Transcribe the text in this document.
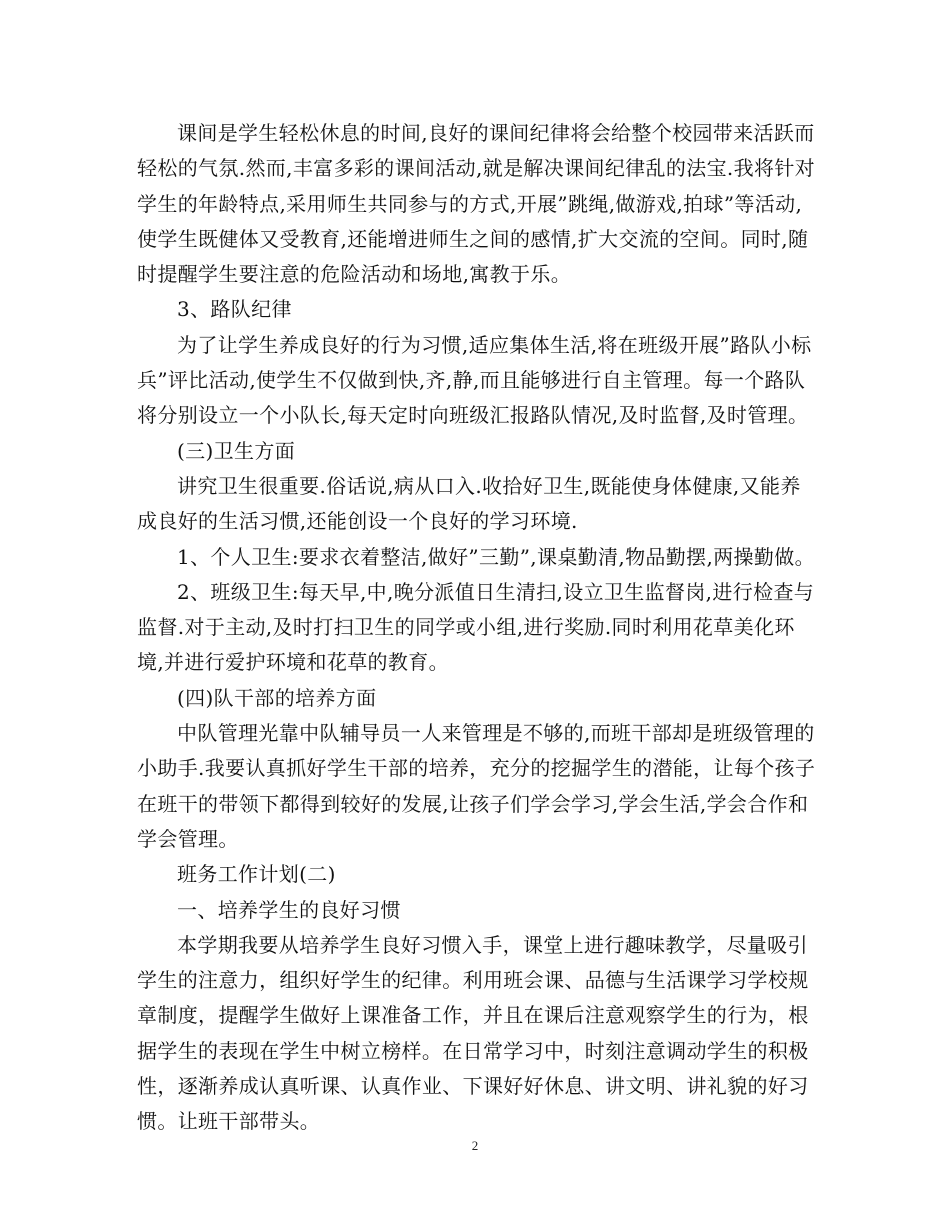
课间是学生轻松休息的时间,良好的课间纪律将会给整个校园带来活跃而轻松的气氛.然而,丰富多彩的课间活动,就是解决课间纪律乱的法宝.我将针对学生的年龄特点,采用师生共同参与的方式,开展”跳绳,做游戏,拍球”等活动,使学生既健体又受教育,还能增进师生之间的感情,扩大交流的空间。同时,随时提醒学生要注意的危险活动和场地,寓教于乐。

3、路队纪律

为了让学生养成良好的行为习惯,适应集体生活,将在班级开展”路队小标兵”评比活动,使学生不仅做到快,齐,静,而且能够进行自主管理。每一个路队将分别设立一个小队长,每天定时向班级汇报路队情况,及时监督,及时管理。

(三)卫生方面

讲究卫生很重要.俗话说,病从口入.收拾好卫生,既能使身体健康,又能养成良好的生活习惯,还能创设一个良好的学习环境.

1、个人卫生:要求衣着整洁,做好”三勤”,课桌勤清,物品勤摆,两操勤做。

2、班级卫生:每天早,中,晚分派值日生清扫,设立卫生监督岗,进行检查与监督.对于主动,及时打扫卫生的同学或小组,进行奖励.同时利用花草美化环境,并进行爱护环境和花草的教育。

(四)队干部的培养方面

中队管理光靠中队辅导员一人来管理是不够的,而班干部却是班级管理的小助手.我要认真抓好学生干部的培养，充分的挖掘学生的潜能，让每个孩子在班干的带领下都得到较好的发展,让孩子们学会学习,学会生活,学会合作和学会管理。

班务工作计划(二)

一、培养学生的良好习惯

本学期我要从培养学生良好习惯入手，课堂上进行趣味教学，尽量吸引学生的注意力，组织好学生的纪律。利用班会课、品德与生活课学习学校规章制度，提醒学生做好上课准备工作，并且在课后注意观察学生的行为，根据学生的表现在学生中树立榜样。在日常学习中，时刻注意调动学生的积极性，逐渐养成认真听课、认真作业、下课好好休息、讲文明、讲礼貌的好习惯。让班干部带头。

2
